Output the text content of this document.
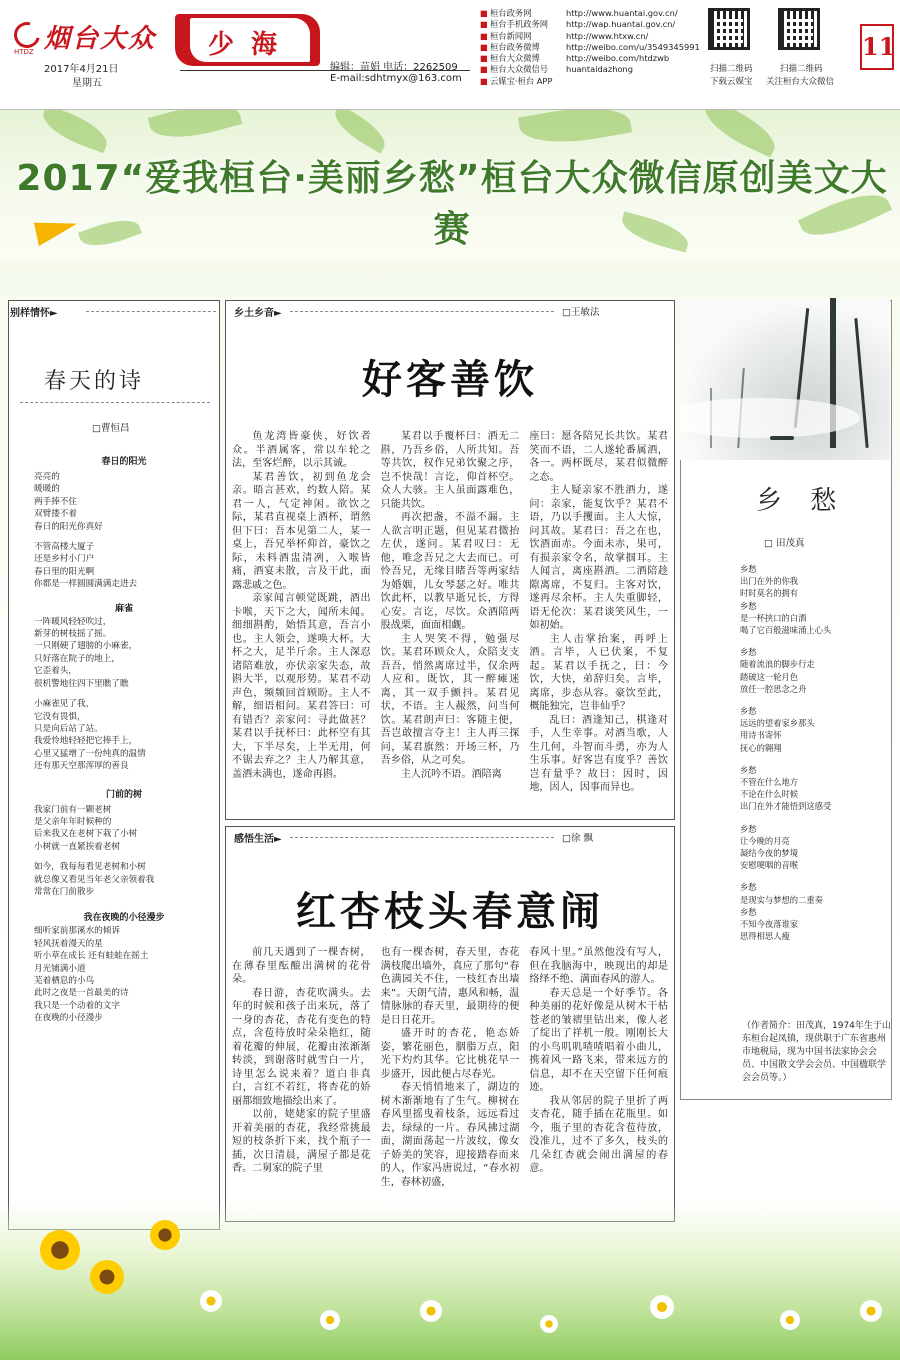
烟台大众
HTDZ
2017年4月21日
星期五
少 海
编辑：苗娟 电话：2262509
E-mail:sdhtmyx@163.com
■ 桓台政务网	http://www.huantai.gov.cn/
■ 桓台手机政务网	http://wap.huantai.gov.cn/
■ 桓台新闻网	http://www.htxw.cn/
■ 桓台政务微博	http://weibo.com/u/3549345991
■ 桓台大众微博	http://weibo.com/htdzwb
■ 桓台大众微信号	huantaidazhong
■ 云媒宝·桓台 APP
扫描二维码
下载云媒宝
扫描二维码
关注桓台大众微信
11
2017“爱我桓台·美丽乡愁”桓台大众微信原创美文大赛
别样情怀►
春天的诗
□曹恒昌
春日的阳光
亮亮的
暖暖的
两手捧不住
双臂搂不着
春日的阳光你真好
不管高楼大厦子
还是乡村小门户
春日里的阳光啊
你都是一样圆圆满满走进去
麻雀
一阵暖风轻轻吹过，
新芽的树枝摇了摇。
一只刚硬了翅膀的小麻雀，
只好落在院子的地上，
它歪着头，
很机警地往四下里瞧了瞧
小麻雀见了我，
它没有畏惧，
只是向后站了站。
我爱怜地轻轻把它捧手上，
心里又猛增了一份纯真的温情
还有那天空那浑厚的善良
门前的树
我家门前有一颗老树
是父亲年年时候种的
后来我又在老树下栽了小树
小树就一直紧挨着老树
如今，我每每看见老树和小树
就总像又看见当年老父亲领着我
常常在门前散步
我在夜晚的小径漫步
细听家前那溪水的倾诉
轻风抚着漫天的星
听小草在成长 还有蛙蛙在摇土
月光铺满小道
芜着栖息的小鸟
此时之夜是一首最美的诗
我只是一个动着的文字
在夜晚的小径漫步
乡土乡音►	□王敏法
好客善饮

鱼龙湾皆豪侠，好饮者众。半酒属客，常以车轮之法，至客烂醉，以示其诚。

某君善饮，初到鱼龙会亲。晤言甚欢，约数人陪。某君一人，气定神闲。欲饮之际，某君直视桌上酒杯，谓然但下曰：吾本见第二人，某一桌上，吾兄举杯仰首，豪饮之际，未料酒盅清冽，入喉皆痛，酒宴未散，言及干此，面露悲戚之色。

亲家闻言顿觉既跳，酒出卡喉，天下之大，闻所未闻。细细斟酌，始悟其意，吾言小也。主人领会，遂唤大杯。大杯之大，足半斤余。主人深忍诸陪难放，亦伏亲家失态，故斟大半，以观形势。某君不动声色，频频回首顾盼。主人不解，细语相问。某君答曰：可有错否？亲家问：寻此做甚？某君以手抚杯曰：此杯空有其大，下半尽矣，上半无用，何不锯去弃之？主人乃解其意，盖酒未满也，遂命再斟。

某君以手覆杯曰：酒无二斟，乃吾乡俗，人所共知。吾等共饮，权作兄弟饮聚之序，岂不快哉！言讫，仰首杯空。众人大骇。主人虽面露难色，只能共饮。

再次把盏，不溢不漏。主人欲言明正题，但见某君微抬左伏，遂问。某君叹曰：无他，唯念吾兄之大去而已。可怜吾兄，无缘目睹吾等两家结为婚姻，儿女琴瑟之好。唯共饮此杯，以教早逝兄长，方得心安。言讫，尽饮。众酒陪两股战栗，面面相觑。

主人哭笑不得，勉强尽饮。某君环顾众人，众陪支支吾吾，悄然离席过半，仅余两人应和。既饮，其一醉瘫迷离，其一双手颤抖。某君见状，不语。主人赧然，问当何饮。某君朗声曰：客随主便，吾岂敢擅言夺主！主人再三探问，某君旗然：开场三杯，乃吾乡俗，从之可矣。

主人沉吟不语。酒陪离

座曰：愿各陪兄长共饮。某君笑而不语，二人遂轮番属酒，各一。两杯既尽，某君似微醉之态。

主人疑亲家不胜酒力，遂问：亲家，能复饮乎？某君不语，乃以手攫面。主人大惊，问其故。某君曰：吾之在也，饮酒面赤。今面未赤，果可，有损亲家令名，故掌掴耳。主人闻言，离座斟酒。二酒陪趁隙离席，不复归。主客对饮，遂再尽余杯。主人失重脚轻，语无伦次：某君谈笑风生，一如初始。

主人击掌抬案，再呼上酒。言毕，人已伏案，不复起。某君以手抚之，曰：今饮，大快，弟辞归矣。言毕，离席，步态从容。豪饮至此，概能独完，岂非仙乎？

乱曰：酒逢知己，棋逢对手，人生幸事。对酒当歌，人生几何，斗智而斗勇，亦为人生乐事。好客岂有度乎？善饮岂有量乎？故曰：因时，因地，因人，因事而异也。

感悟生活►	□徐 飘
红杏枝头春意闹

前几天遇到了一棵杏树，在薄春里酝酿出满树的花骨朵。

春日游，杏花吹满头。去年的时候和孩子出来玩，落了一身的杏花，杏花有变色的特点，含苞待放时朵朵艳红，随着花瓣的伸展，花瓣由浓渐渐转淡，到谢落时就雪白一片，诗里怎么说来着？道白非真白，言红不若红，将杏花的娇丽都细致地描绘出来了。

以前，姥姥家的院子里盛开着美丽的杏花，我经常挑最短的枝条折下来，找个瓶子一插，次日清晨，满屋子都是花香。二舅家的院子里

也有一棵杏树，春天里，杏花满枝爬出墙外，真应了那句“春色满园关不住，一枝红杏出墙来”。天朗气清，惠风和畅，温情脉脉的春天里，最期待的便是日日花开。

盛开时的杏花，艳态娇姿，繁花丽色，胭脂万点，阳光下灼灼其华。它比桃花早一步盛开，因此便占尽春光。

春天悄悄地来了，湖边的树木渐渐地有了生气。柳树在春风里摇曳着枝条，远远看过去，绿绿的一片。春风拂过湖面，湖面荡起一片波纹，像女子娇美的笑容，迎接踏春而来的人，作家冯唐说过，“春水初生，春林初盛，

春风十里。”虽然他没有写人，但在我脑海中，映现出的却是络绎不绝、满面春风的游人。

春天总是一个好季节。各种美丽的花好像是从树木干枯苍老的皱褶里钻出来，像人老了绽出了祥机一般。刚刚长大的小鸟叽叽喳喳唱着小曲儿，携着风一路飞来，带来远方的信息，却不在天空留下任何痕迹。

我从邻居的院子里折了两支杏花，随手插在花瓶里。如今，瓶子里的杏花含苞待放，没准儿，过不了多久，枝头的几朵红杏就会闹出满屋的春意。

乡 愁
□ 田茂真
乡愁
出门在外的你我
时时莫名的拥有
乡愁
是一杯挟口的白酒
喝了它百般滋味涌上心头
乡愁
随着流浪的脚步行走
踏破这一轮月色
放任一腔思念之舟
乡愁
远远的望着家乡那头
用诗书寄怀
抚心的翱翔
乡愁
不管在什么地方
不论在什么时候
出门在外才能悟到这感受
乡愁
让今晚的月亮
凝结今夜的梦境
安慰哽咽的音喉
乡愁
是现实与梦想的二重奏
乡愁
不知今夜落谁家
思得相思人瘦
（作者简介：田茂真，1974年生于山东桓台起凤镇，现供职于广东省惠州市地税局，现为中国书法家协会会员、中国散文学会会员、中国楹联学会会员等。）
